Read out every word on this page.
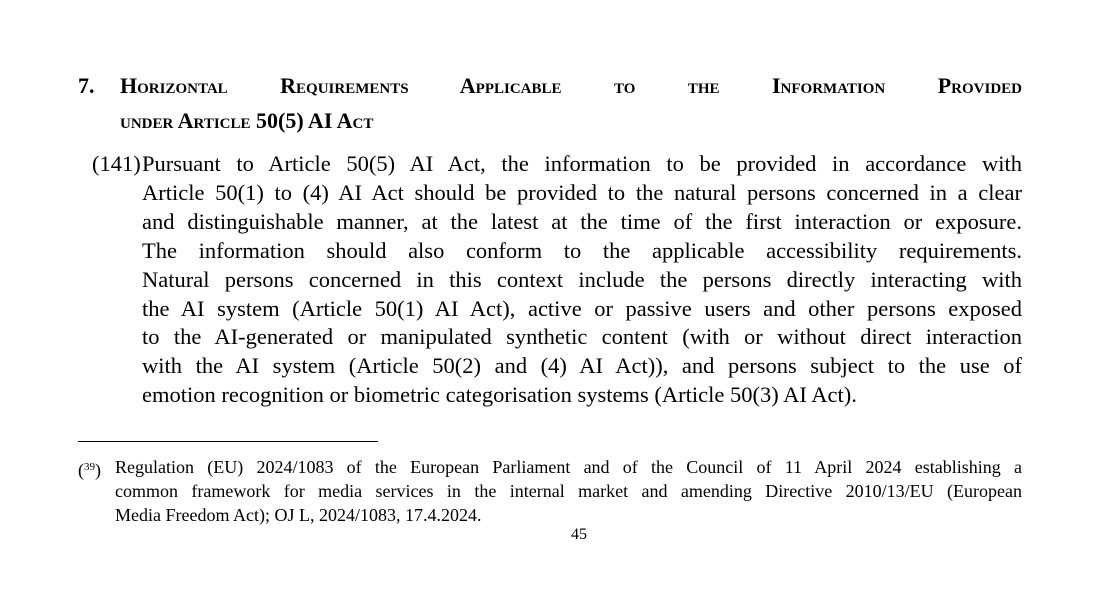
7. Horizontal Requirements Applicable to the Information Provided
under Article 50(5) AI Act
(141) Pursuant to Article 50(5) AI Act, the information to be provided in accordance with
Article 50(1) to (4) AI Act should be provided to the natural persons concerned in a clear
and distinguishable manner, at the latest at the time of the first interaction or exposure.
The information should also conform to the applicable accessibility requirements.
Natural persons concerned in this context include the persons directly interacting with
the AI system (Article 50(1) AI Act), active or passive users and other persons exposed
to the AI-generated or manipulated synthetic content (with or without direct interaction
with the AI system (Article 50(2) and (4) AI Act)), and persons subject to the use of
emotion recognition or biometric categorisation systems (Article 50(3) AI Act).
($^{39}$) Regulation (EU) 2024/1083 of the European Parliament and of the Council of 11 April 2024 establishing a
common framework for media services in the internal market and amending Directive 2010/13/EU (European
Media Freedom Act); OJ L, 2024/1083, 17.4.2024.
45
